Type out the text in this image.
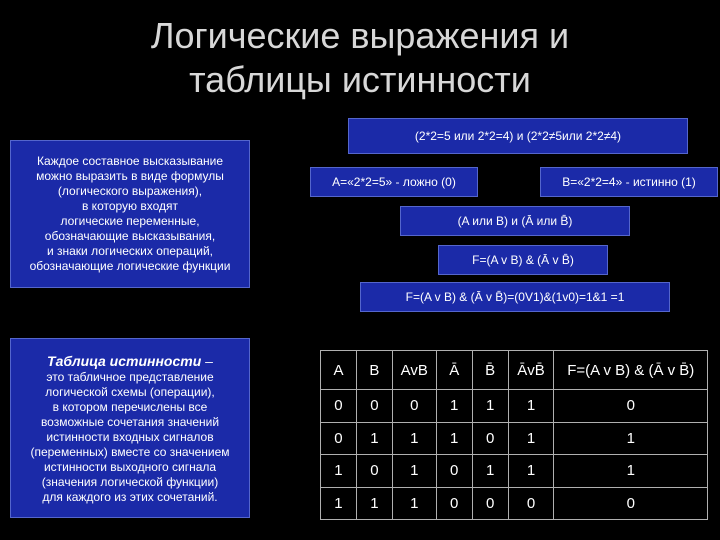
Логические выражения и
таблицы истинности
Каждое составное высказывание
можно выразить в виде формулы
(логического выражения),
в которую входят
логические переменные,
обозначающие высказывания,
и знаки логических операций,
обозначающие логические функции
(2*2=5 или 2*2=4) и (2*2≠5или 2*2≠4)
A=«2*2=5» - ложно (0)	B=«2*2=4» - истинно (1)
(A или B) и (Ā или B̄)
F=(A v B) & (Ā v B̄)
F=(A v B) & (Ā v B̄)=(0V1)&(1v0)=1&1 =1
Таблица истинности –
это табличное представление
логической схемы (операции),
в котором перечислены все
возможные сочетания значений
истинности входных сигналов
(переменных) вместе со значением
истинности выходного сигнала
(значения логической функции)
для каждого из этих сочетаний.
A	B	AvB	Ā	B̄	ĀvB̄	F=(A v B) & (Ā v B̄)
0	0	0	1	1	1	0
0	1	1	1	0	1	1
1	0	1	0	1	1	1
1	1	1	0	0	0	0
